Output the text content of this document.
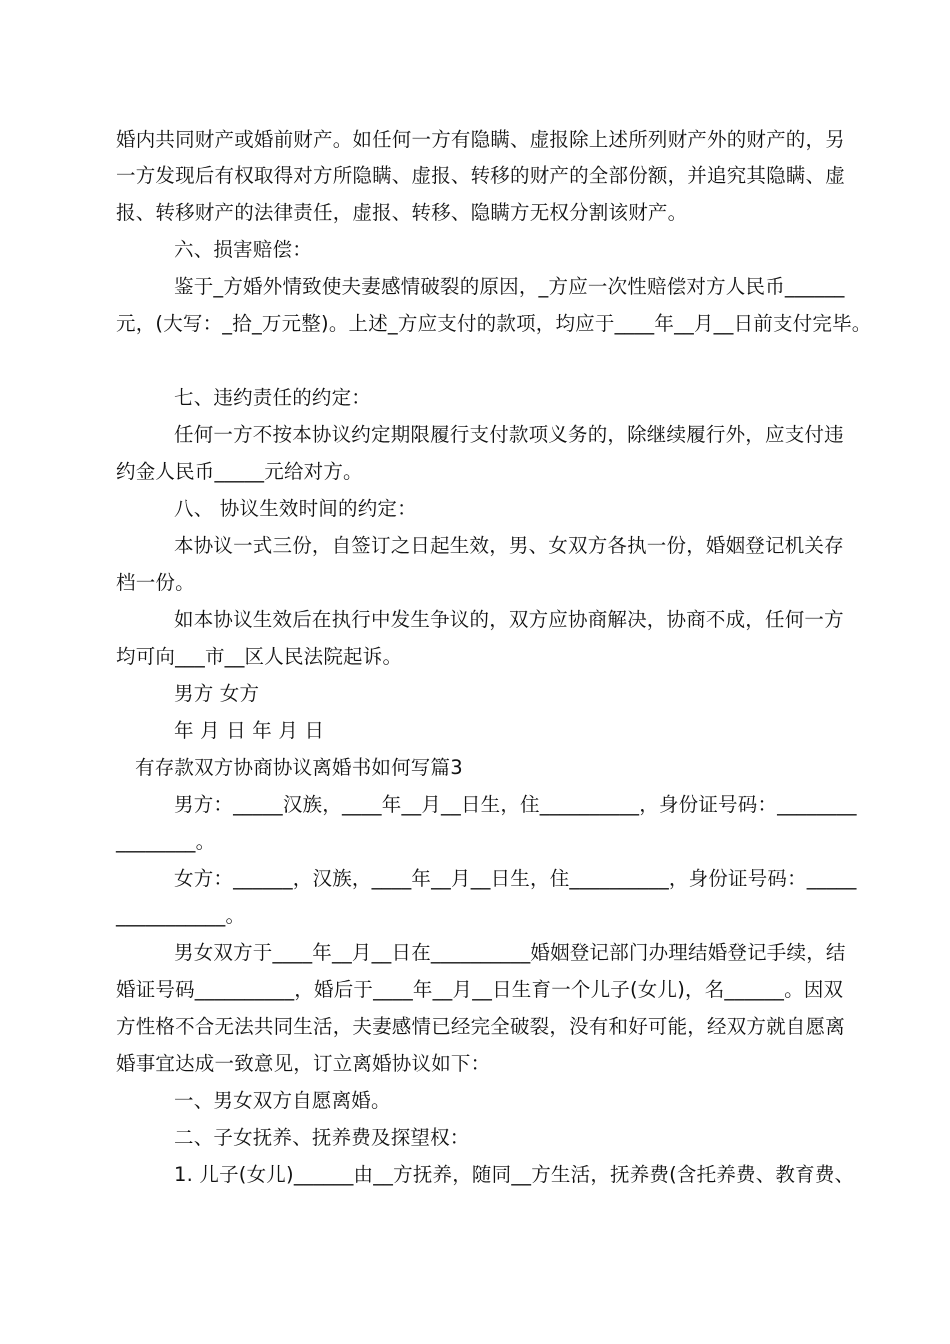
婚内共同财产或婚前财产。如任何一方有隐瞒、虚报除上述所列财产外的财产的，另
一方发现后有权取得对方所隐瞒、虚报、转移的财产的全部份额，并追究其隐瞒、虚
报、转移财产的法律责任，虚报、转移、隐瞒方无权分割该财产。
六、损害赔偿：
鉴于_方婚外情致使夫妻感情破裂的原因，_方应一次性赔偿对方人民币______
元，(大写：_拾_万元整)。上述_方应支付的款项，均应于____年__月__日前支付完毕。
七、违约责任的约定：
任何一方不按本协议约定期限履行支付款项义务的，除继续履行外，应支付违
约金人民币_____元给对方。
八、 协议生效时间的约定：
本协议一式三份，自签订之日起生效，男、女双方各执一份，婚姻登记机关存
档一份。
如本协议生效后在执行中发生争议的，双方应协商解决，协商不成，任何一方
均可向___市__区人民法院起诉。
男方 女方
年 月 日 年 月 日
有存款双方协商协议离婚书如何写篇3
男方：_____汉族，____年__月__日生，住__________，身份证号码：________
________。
女方：______，汉族，____年__月__日生，住__________，身份证号码：_____
___________。
男女双方于____年__月__日在__________婚姻登记部门办理结婚登记手续，结
婚证号码__________，婚后于____年__月__日生育一个儿子(女儿)，名______。因双
方性格不合无法共同生活，夫妻感情已经完全破裂，没有和好可能，经双方就自愿离
婚事宜达成一致意见，订立离婚协议如下：
一、男女双方自愿离婚。
二、子女抚养、抚养费及探望权：
1. 儿子(女儿)______由__方抚养，随同__方生活，抚养费(含托养费、教育费、
